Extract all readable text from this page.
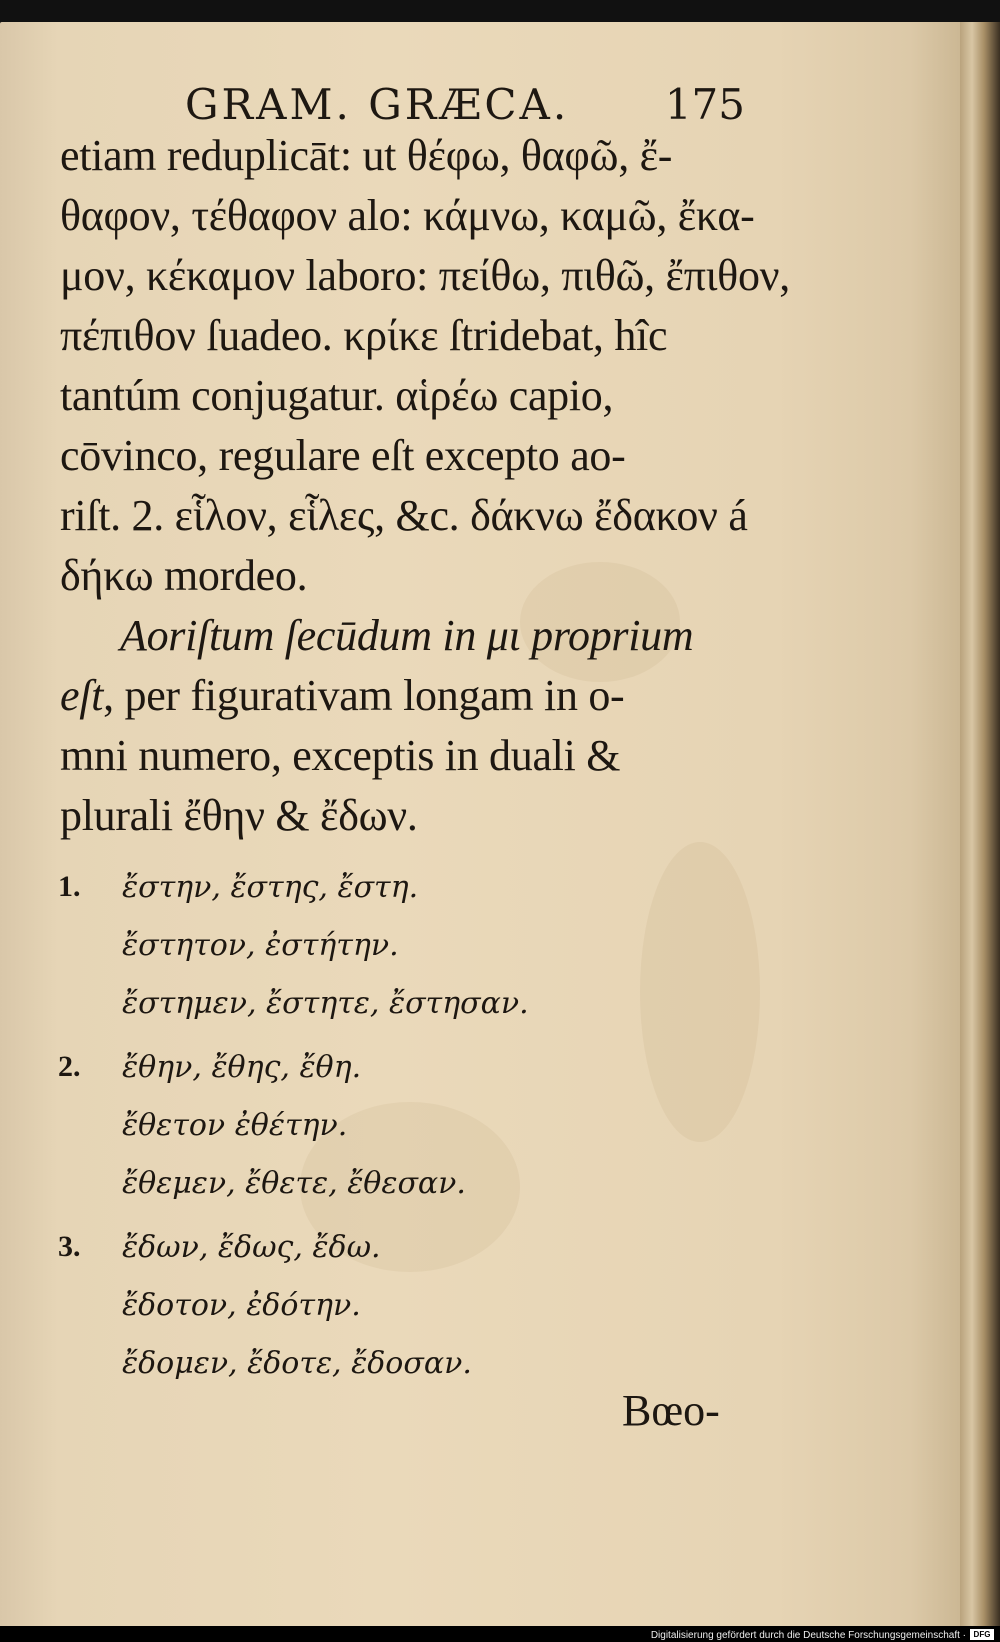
GRAM. GRÆCA. 175
etiam reduplicāt: ut θέφω, θαφῶ, ἔ-
θαφον, τέθαφον alo: κάμνω, καμῶ, ἔκα-
μον, κέκαμον laboro: πείθω, πιθῶ, ἔπιθον,
πέπιθον ſuadeo. κρίκε ſtridebat, hîc
tantúm conjugatur. αἱρέω capio,
cōvinco, regulare eſt excepto ao-
riſt. 2. εἷλον, εἷλες, &c. δάκνω ἔδακον á
δήκω mordeo.
Aoriſtum ſecūdum in μι proprium
eſt, per figurativam longam in o-
mni numero, exceptis in duali &
plurali ἔθην & ἔδων.
1. ἔστην, ἔστης, ἔστη.
ἔστητον, ἐστήτην.
ἔστημεν, ἔστητε, ἔστησαν.
2. ἔθην, ἔθης, ἔθη.
ἔθετον ἐθέτην.
ἔθεμεν, ἔθετε, ἔθεσαν.
3. ἔδων, ἔδως, ἔδω.
ἔδοτον, ἐδότην.
ἔδομεν, ἔδοτε, ἔδοσαν.
Bœo-
Digitalisierung gefördert durch die Deutsche Forschungsgemeinschaft · DFG
